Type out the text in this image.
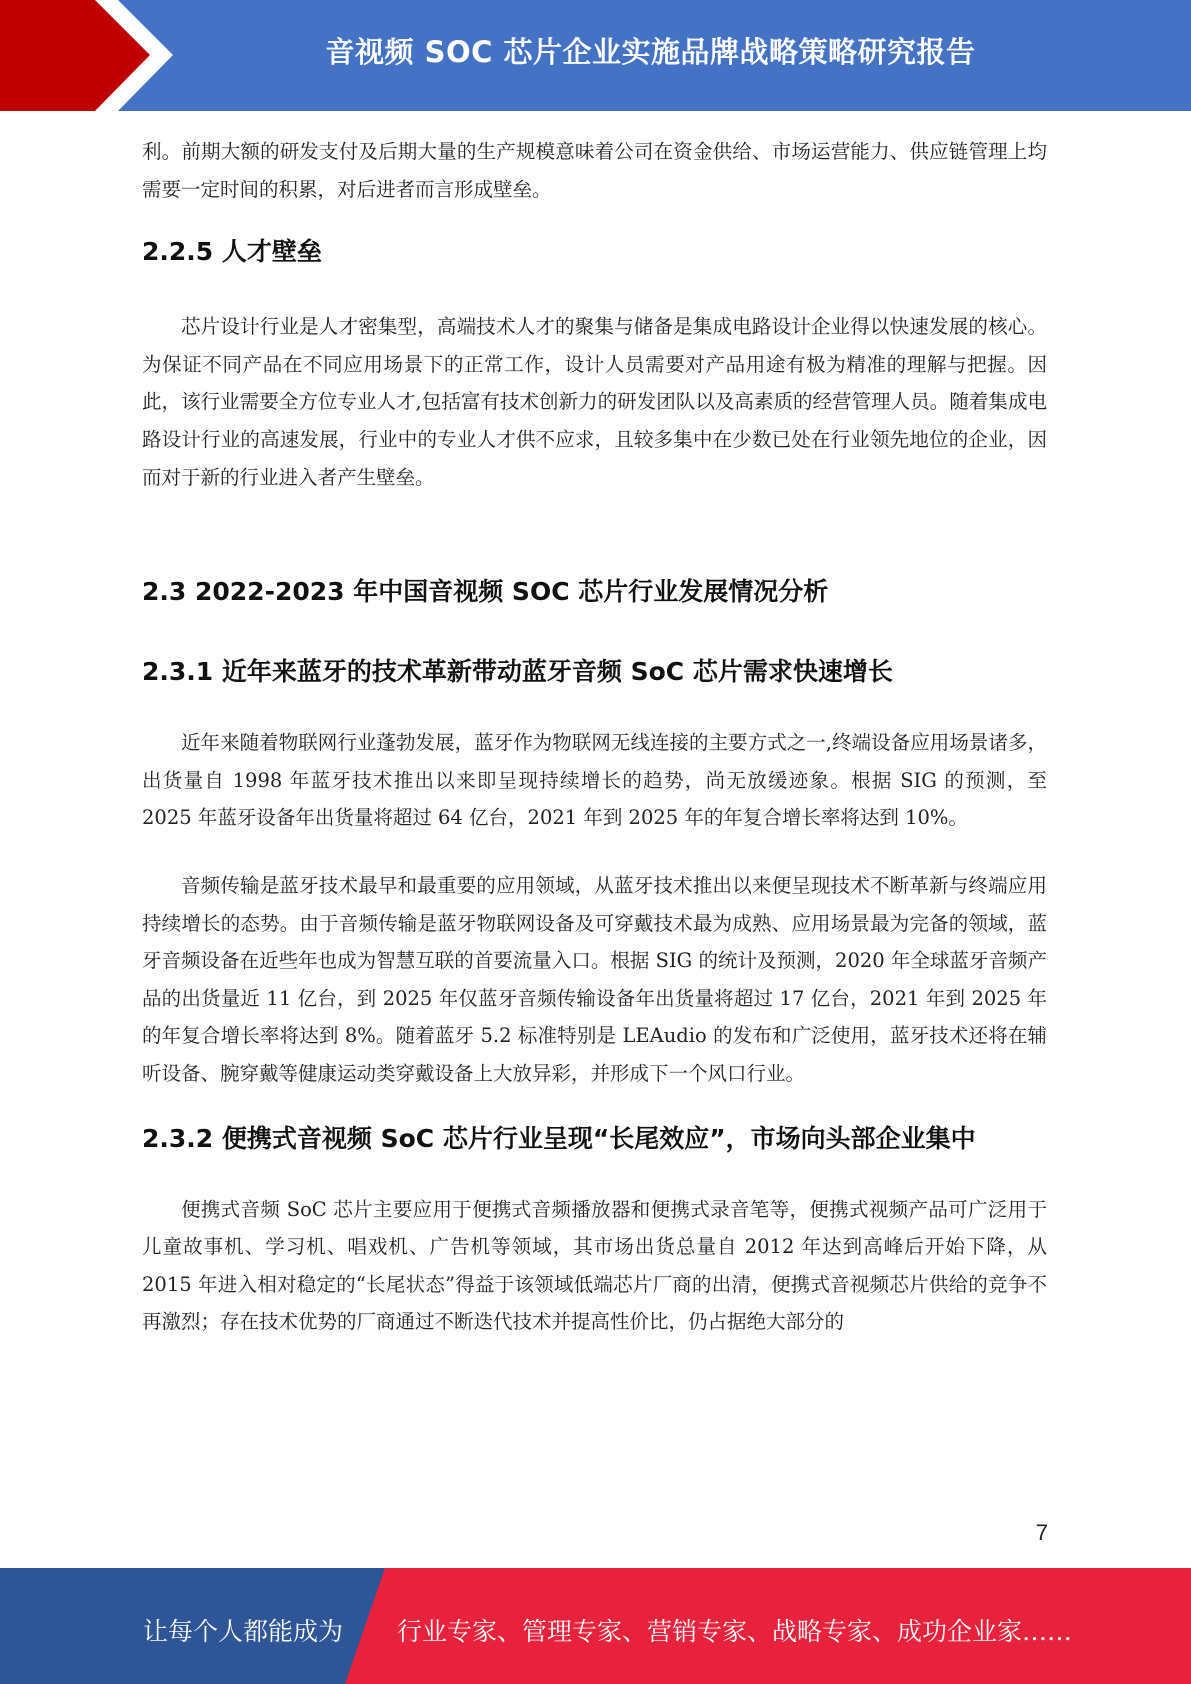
音视频 SOC 芯片企业实施品牌战略策略研究报告

利。前期大额的研发支付及后期大量的生产规模意味着公司在资金供给、市场运营能力、供应链管理上均需要一定时间的积累，对后进者而言形成壁垒。

2.2.5 人才壁垒

芯片设计行业是人才密集型，高端技术人才的聚集与储备是集成电路设计企业得以快速发展的核心。为保证不同产品在不同应用场景下的正常工作，设计人员需要对产品用途有极为精准的理解与把握。因此，该行业需要全方位专业人才,包括富有技术创新力的研发团队以及高素质的经营管理人员。随着集成电路设计行业的高速发展，行业中的专业人才供不应求，且较多集中在少数已处在行业领先地位的企业，因而对于新的行业进入者产生壁垒。

2.3 2022-2023 年中国音视频 SOC 芯片行业发展情况分析
2.3.1 近年来蓝牙的技术革新带动蓝牙音频 SoC 芯片需求快速增长

近年来随着物联网行业蓬勃发展，蓝牙作为物联网无线连接的主要方式之一,终端设备应用场景诸多，出货量自 1998 年蓝牙技术推出以来即呈现持续增长的趋势，尚无放缓迹象。根据 SIG 的预测，至 2025 年蓝牙设备年出货量将超过 64 亿台，2021 年到 2025 年的年复合增长率将达到 10%。

音频传输是蓝牙技术最早和最重要的应用领域，从蓝牙技术推出以来便呈现技术不断革新与终端应用持续增长的态势。由于音频传输是蓝牙物联网设备及可穿戴技术最为成熟、应用场景最为完备的领域，蓝牙音频设备在近些年也成为智慧互联的首要流量入口。根据 SIG 的统计及预测，2020 年全球蓝牙音频产品的出货量近 11 亿台，到 2025 年仅蓝牙音频传输设备年出货量将超过 17 亿台，2021 年到 2025 年的年复合增长率将达到 8%。随着蓝牙 5.2 标准特别是 LEAudio 的发布和广泛使用，蓝牙技术还将在辅听设备、腕穿戴等健康运动类穿戴设备上大放异彩，并形成下一个风口行业。

2.3.2 便携式音视频 SoC 芯片行业呈现“长尾效应”，市场向头部企业集中

便携式音频 SoC 芯片主要应用于便携式音频播放器和便携式录音笔等，便携式视频产品可广泛用于儿童故事机、学习机、唱戏机、广告机等领域，其市场出货总量自 2012 年达到高峰后开始下降，从 2015 年进入相对稳定的“长尾状态”得益于该领域低端芯片厂商的出清，便携式音视频芯片供给的竞争不再激烈；存在技术优势的厂商通过不断迭代技术并提高性价比，仍占据绝大部分的

7
让每个人都能成为 行业专家、管理专家、营销专家、战略专家、成功企业家……
